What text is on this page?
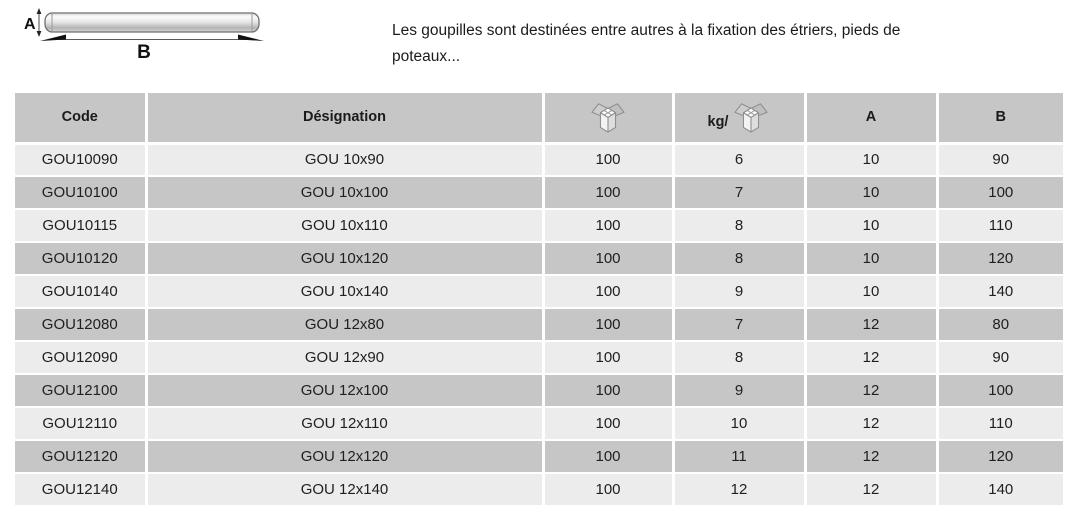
A
B

Les goupilles sont destinées entre autres à la fixation des étriers, pieds de poteaux...

Code	Désignation		kg/	A	B
GOU10090	GOU 10x90	100	6	10	90
GOU10100	GOU 10x100	100	7	10	100
GOU10115	GOU 10x110	100	8	10	110
GOU10120	GOU 10x120	100	8	10	120
GOU10140	GOU 10x140	100	9	10	140
GOU12080	GOU 12x80	100	7	12	80
GOU12090	GOU 12x90	100	8	12	90
GOU12100	GOU 12x100	100	9	12	100
GOU12110	GOU 12x110	100	10	12	110
GOU12120	GOU 12x120	100	11	12	120
GOU12140	GOU 12x140	100	12	12	140
